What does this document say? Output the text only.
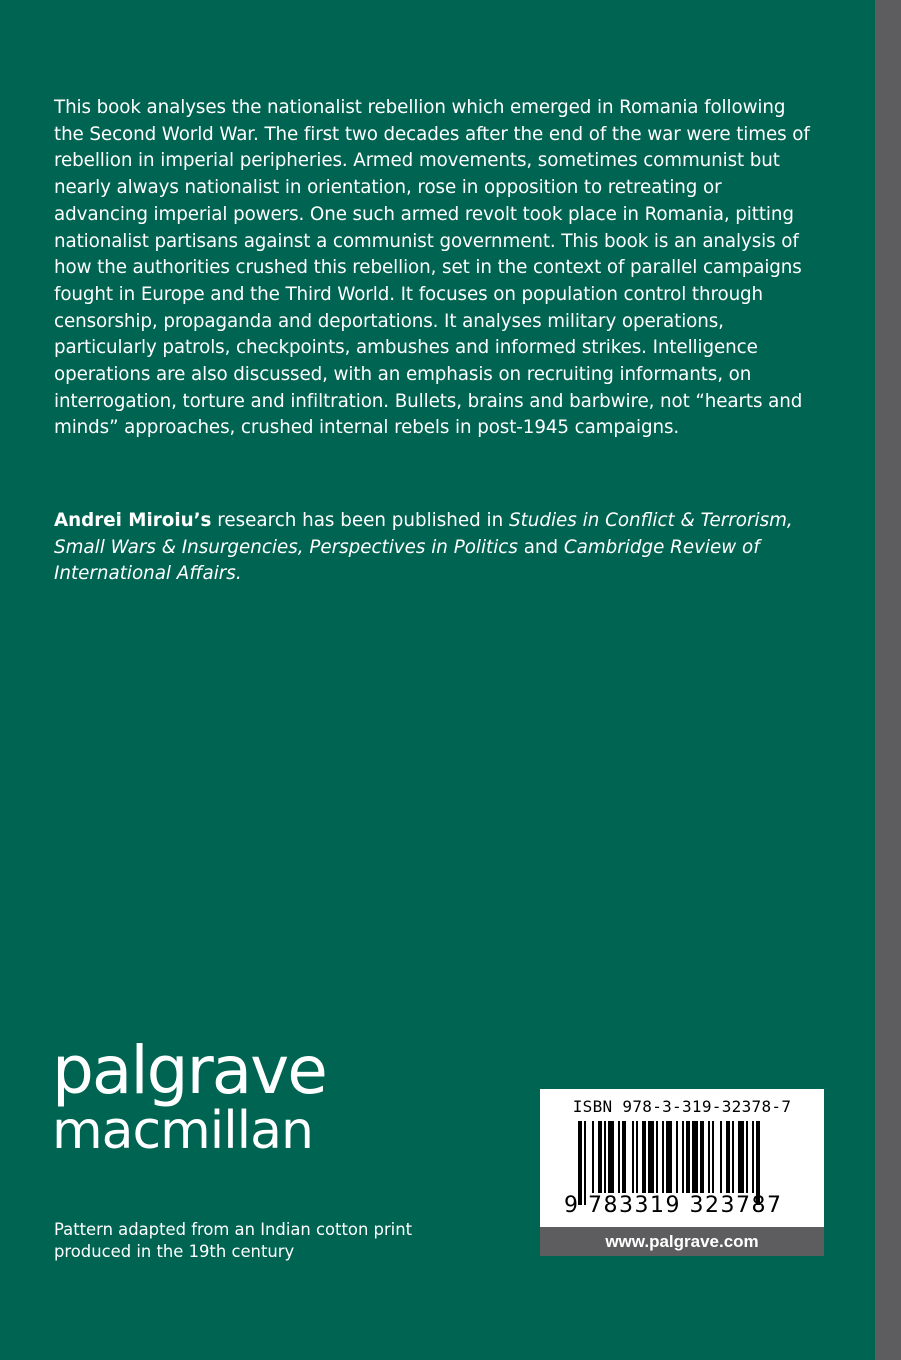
This book analyses the nationalist rebellion which emerged in Romania following the Second World War. The first two decades after the end of the war were times of rebellion in imperial peripheries. Armed movements, sometimes communist but nearly always nationalist in orientation, rose in opposition to retreating or advancing imperial powers. One such armed revolt took place in Romania, pitting nationalist partisans against a communist government. This book is an analysis of how the authorities crushed this rebellion, set in the context of parallel campaigns fought in Europe and the Third World. It focuses on population control through censorship, propaganda and deportations. It analyses military operations, particularly patrols, checkpoints, ambushes and informed strikes. Intelligence operations are also discussed, with an emphasis on recruiting informants, on interrogation, torture and infiltration. Bullets, brains and barbwire, not “hearts and minds” approaches, crushed internal rebels in post-1945 campaigns.

Andrei Miroiu’s research has been published in Studies in Conflict & Terrorism, Small Wars & Insurgencies, Perspectives in Politics and Cambridge Review of International Affairs.

palgrave
macmillan

Pattern adapted from an Indian cotton print produced in the 19th century

ISBN 978-3-319-32378-7
9 783319 323787
www.palgrave.com
